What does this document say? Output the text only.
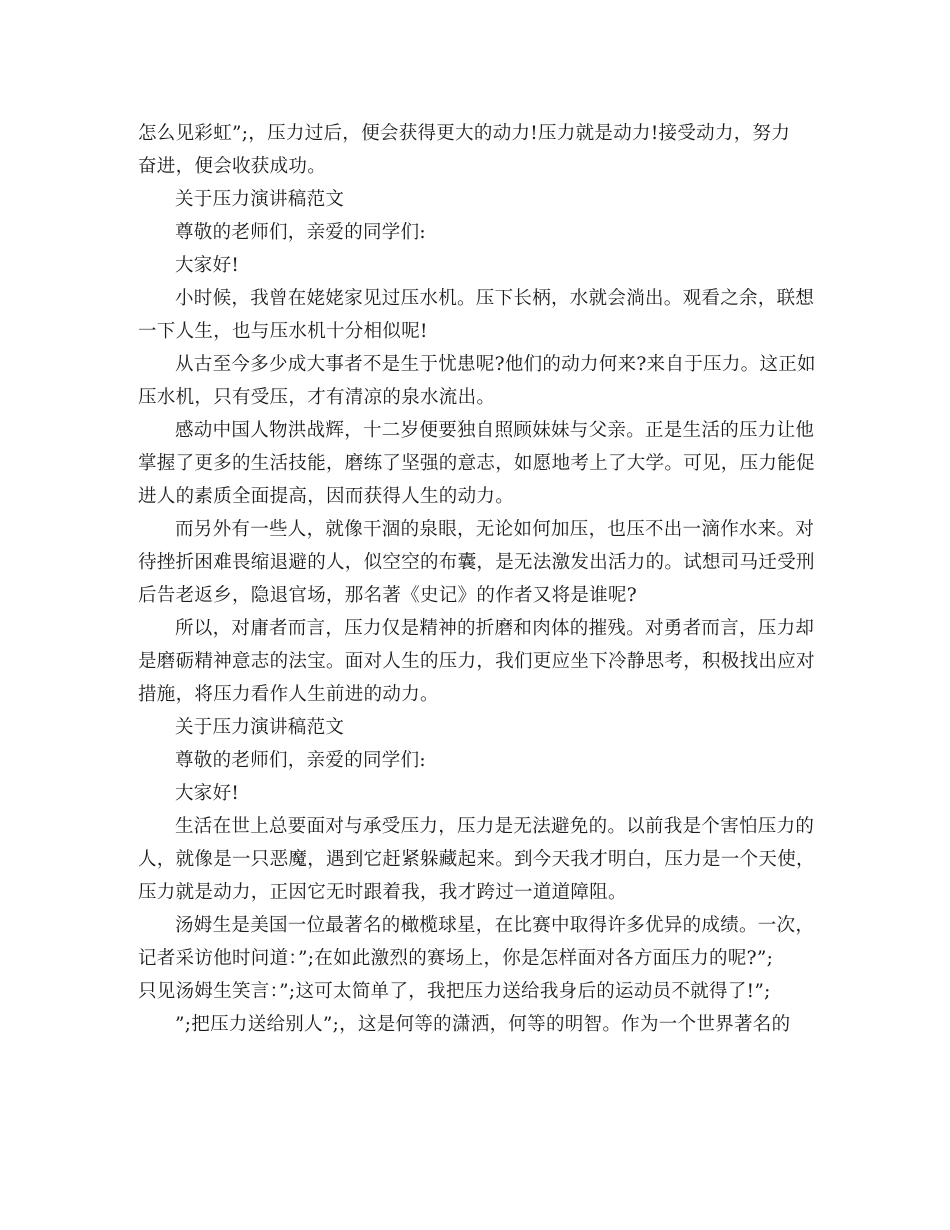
怎么见彩虹”;，压力过后，便会获得更大的动力!压力就是动力!接受动力，努力
奋进，便会收获成功。

关于压力演讲稿范文

尊敬的老师们，亲爱的同学们:

大家好!

小时候，我曾在姥姥家见过压水机。压下长柄，水就会淌出。观看之余，联想
一下人生，也与压水机十分相似呢!

从古至今多少成大事者不是生于忧患呢?他们的动力何来?来自于压力。这正如
压水机，只有受压，才有清凉的泉水流出。

感动中国人物洪战辉，十二岁便要独自照顾妹妹与父亲。正是生活的压力让他
掌握了更多的生活技能，磨练了坚强的意志，如愿地考上了大学。可见，压力能促
进人的素质全面提高，因而获得人生的动力。

而另外有一些人，就像干涸的泉眼，无论如何加压，也压不出一滴作水来。对
待挫折困难畏缩退避的人，似空空的布囊，是无法激发出活力的。试想司马迁受刑
后告老返乡，隐退官场，那名著《史记》的作者又将是谁呢?

所以，对庸者而言，压力仅是精神的折磨和肉体的摧残。对勇者而言，压力却
是磨砺精神意志的法宝。面对人生的压力，我们更应坐下冷静思考，积极找出应对
措施，将压力看作人生前进的动力。

关于压力演讲稿范文

尊敬的老师们，亲爱的同学们:

大家好!

生活在世上总要面对与承受压力，压力是无法避免的。以前我是个害怕压力的
人，就像是一只恶魔，遇到它赶紧躲藏起来。到今天我才明白，压力是一个天使，
压力就是动力，正因它无时跟着我，我才跨过一道道障阻。

汤姆生是美国一位最著名的橄榄球星，在比赛中取得许多优异的成绩。一次，
记者采访他时问道：”;在如此激烈的赛场上，你是怎样面对各方面压力的呢?”;
只见汤姆生笑言：”;这可太简单了，我把压力送给我身后的运动员不就得了!”;

”;把压力送给别人”;，这是何等的潇洒，何等的明智。作为一个世界著名的
